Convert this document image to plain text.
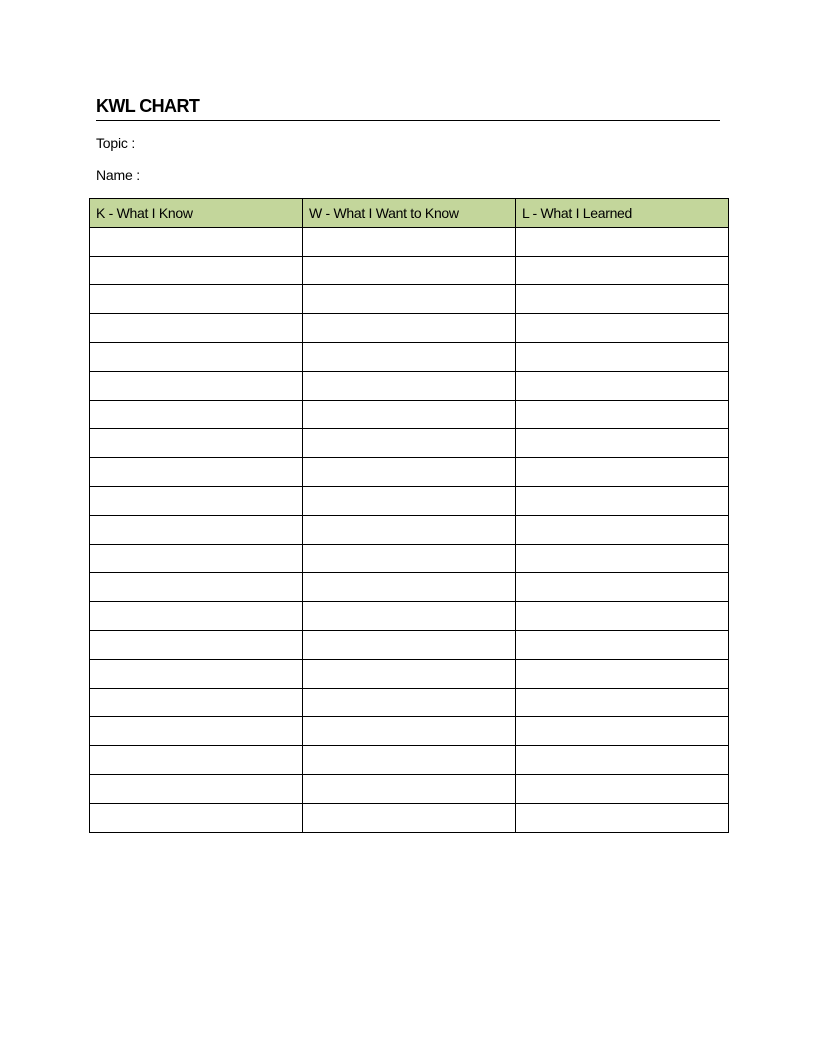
KWL CHART
Topic :
Name :
K - What I Know	W - What I Want to Know	L - What I Learned
